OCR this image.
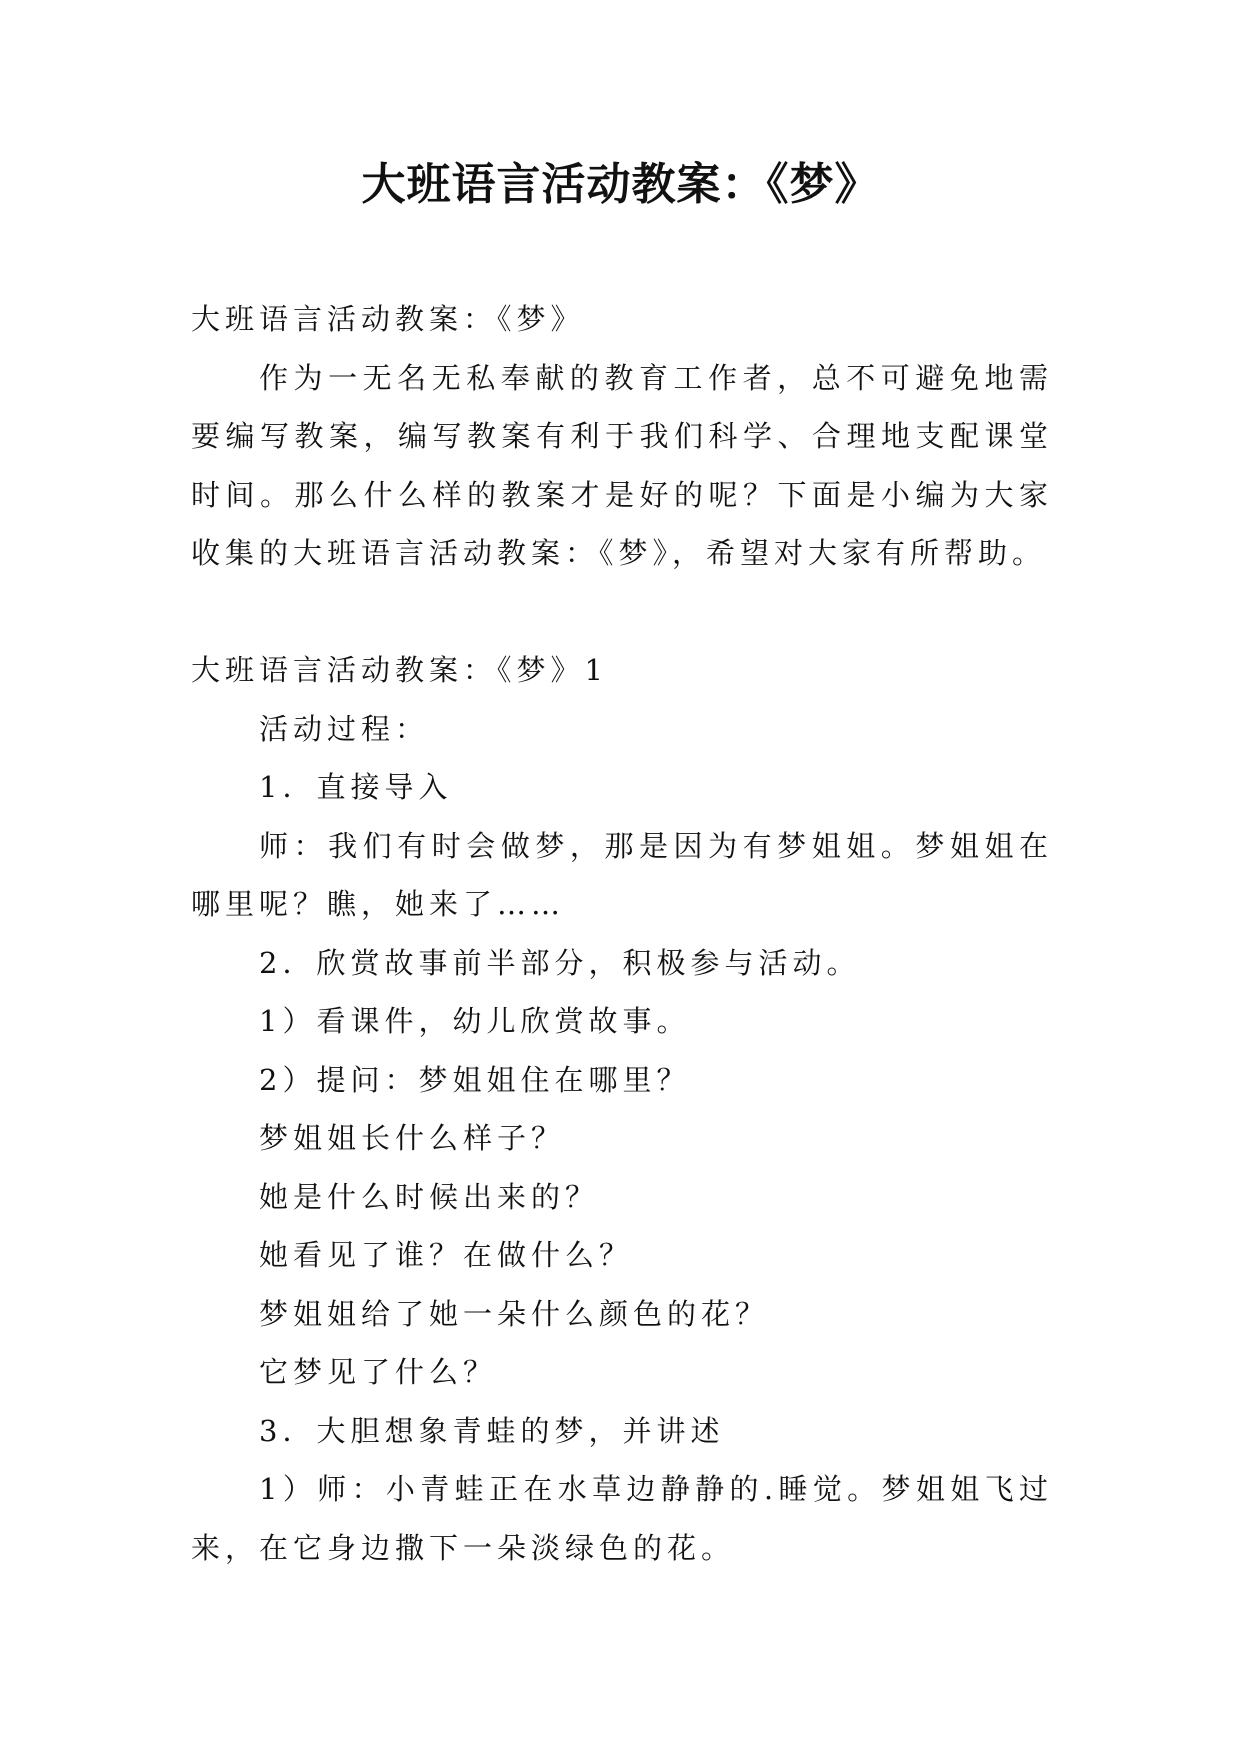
大班语言活动教案：《梦》

大班语言活动教案：《梦》

作为一无名无私奉献的教育工作者，总不可避免地需要编写教案，编写教案有利于我们科学、合理地支配课堂时间。那么什么样的教案才是好的呢？下面是小编为大家收集的大班语言活动教案：《梦》，希望对大家有所帮助。

大班语言活动教案：《梦》1

活动过程：

1．直接导入

师：我们有时会做梦，那是因为有梦姐姐。梦姐姐在哪里呢？瞧，她来了……

2．欣赏故事前半部分，积极参与活动。

1）看课件，幼儿欣赏故事。

2）提问：梦姐姐住在哪里？

梦姐姐长什么样子？

她是什么时候出来的？

她看见了谁？在做什么？

梦姐姐给了她一朵什么颜色的花？

它梦见了什么？

3．大胆想象青蛙的梦，并讲述

1）师：小青蛙正在水草边静静的.睡觉。梦姐姐飞过来，在它身边撒下一朵淡绿色的花。
